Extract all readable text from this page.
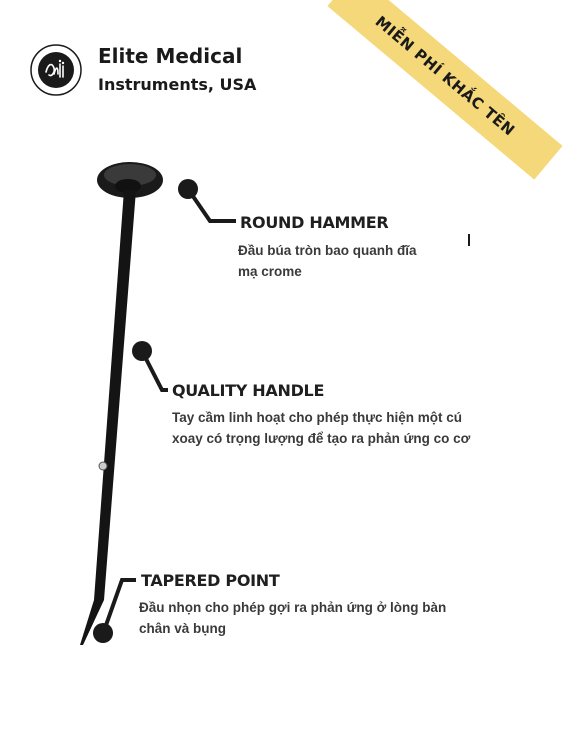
Elite Medical
Instruments, USA	MIỄN PHÍ KHẮC TÊN
ROUND HAMMER
Đầu búa tròn bao quanh đĩa mạ crome
QUALITY HANDLE
Tay cầm linh hoạt cho phép thực hiện một cú xoay có trọng lượng để tạo ra phản ứng co cơ
TAPERED POINT
Đầu nhọn cho phép gợi ra phản ứng ở lòng bàn chân và bụng
